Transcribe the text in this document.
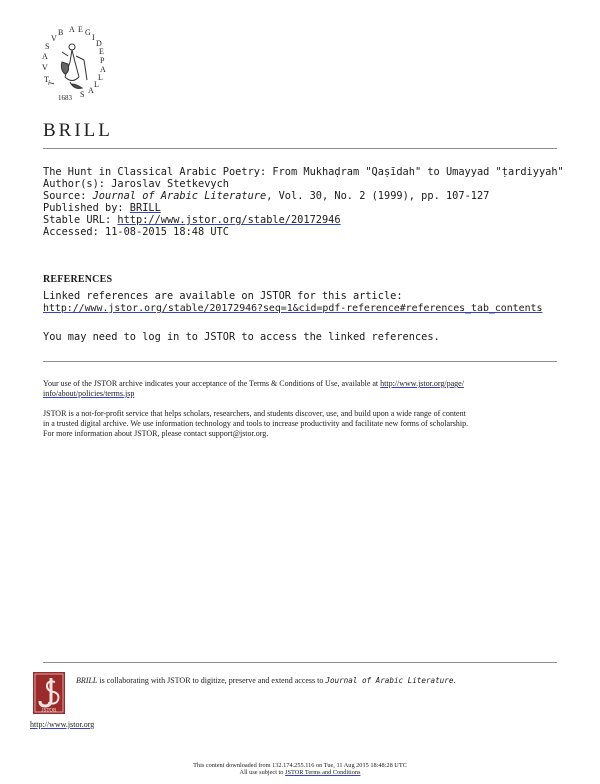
T
T
V
A
S
V
B A E G
I
D
E
P
A
L
L
A
S
1683
BRILL
The Hunt in Classical Arabic Poetry: From Mukhaḍram "Qaṣīdah" to Umayyad "ṭardiyyah"
Author(s): Jaroslav Stetkevych
Source: Journal of Arabic Literature, Vol. 30, No. 2 (1999), pp. 107-127
Published by: BRILL
Stable URL: http://www.jstor.org/stable/20172946
Accessed: 11-08-2015 18:48 UTC
REFERENCES
Linked references are available on JSTOR for this article:
http://www.jstor.org/stable/20172946?seq=1&cid=pdf-reference#references_tab_contents
You may need to log in to JSTOR to access the linked references.
Your use of the JSTOR archive indicates your acceptance of the Terms & Conditions of Use, available at http://www.jstor.org/page/
info/about/policies/terms.jsp
JSTOR is a not-for-profit service that helps scholars, researchers, and students discover, use, and build upon a wide range of content
in a trusted digital archive. We use information technology and tools to increase productivity and facilitate new forms of scholarship.
For more information about JSTOR, please contact support@jstor.org.
BRILL is collaborating with JSTOR to digitize, preserve and extend access to Journal of Arabic Literature.
JSTOR
http://www.jstor.org
This content downloaded from 132.174.255.116 on Tue, 11 Aug 2015 18:48:28 UTC
All use subject to JSTOR Terms and Conditions
